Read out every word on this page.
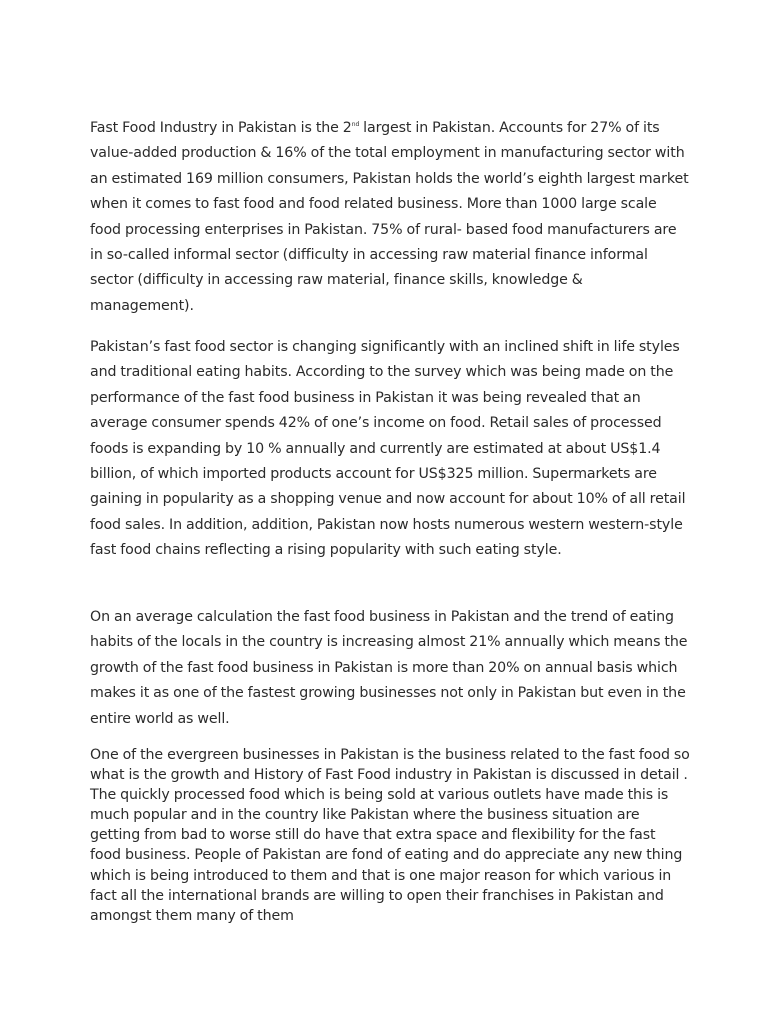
Fast Food Industry in Pakistan is the 2nd largest in Pakistan. Accounts for 27% of its value-added production & 16% of the total employment in manufacturing sector with an estimated 169 million consumers, Pakistan holds the world’s eighth largest market when it comes to fast food and food related business. More than 1000 large scale food processing enterprises in Pakistan. 75% of rural- based food manufacturers are in so-called informal sector (difficulty in accessing raw material finance informal sector (difficulty in accessing raw material, finance skills, knowledge & management).

Pakistan’s fast food sector is changing significantly with an inclined shift in life styles and traditional eating habits. According to the survey which was being made on the performance of the fast food business in Pakistan it was being revealed that an average consumer spends 42% of one’s income on food. Retail sales of processed foods is expanding by 10 % annually and currently are estimated at about US$1.4 billion, of which imported products account for US$325 million. Supermarkets are gaining in popularity as a shopping venue and now account for about 10% of all retail food sales. In addition, addition, Pakistan now hosts numerous western western-style fast food chains reflecting a rising popularity with such eating style.

On an average calculation the fast food business in Pakistan and the trend of eating habits of the locals in the country is increasing almost 21% annually which means the growth of the fast food business in Pakistan is more than 20% on annual basis which makes it as one of the fastest growing businesses not only in Pakistan but even in the entire world as well.

One of the evergreen businesses in Pakistan is the business related to the fast food so what is the growth and History of Fast Food industry in Pakistan is discussed in detail . The quickly processed food which is being sold at various outlets have made this is much popular and in the country like Pakistan where the business situation are getting from bad to worse still do have that extra space and flexibility for the fast food business. People of Pakistan are fond of eating and do appreciate any new thing which is being introduced to them and that is one major reason for which various in fact all the international brands are willing to open their franchises in Pakistan and amongst them many of them
